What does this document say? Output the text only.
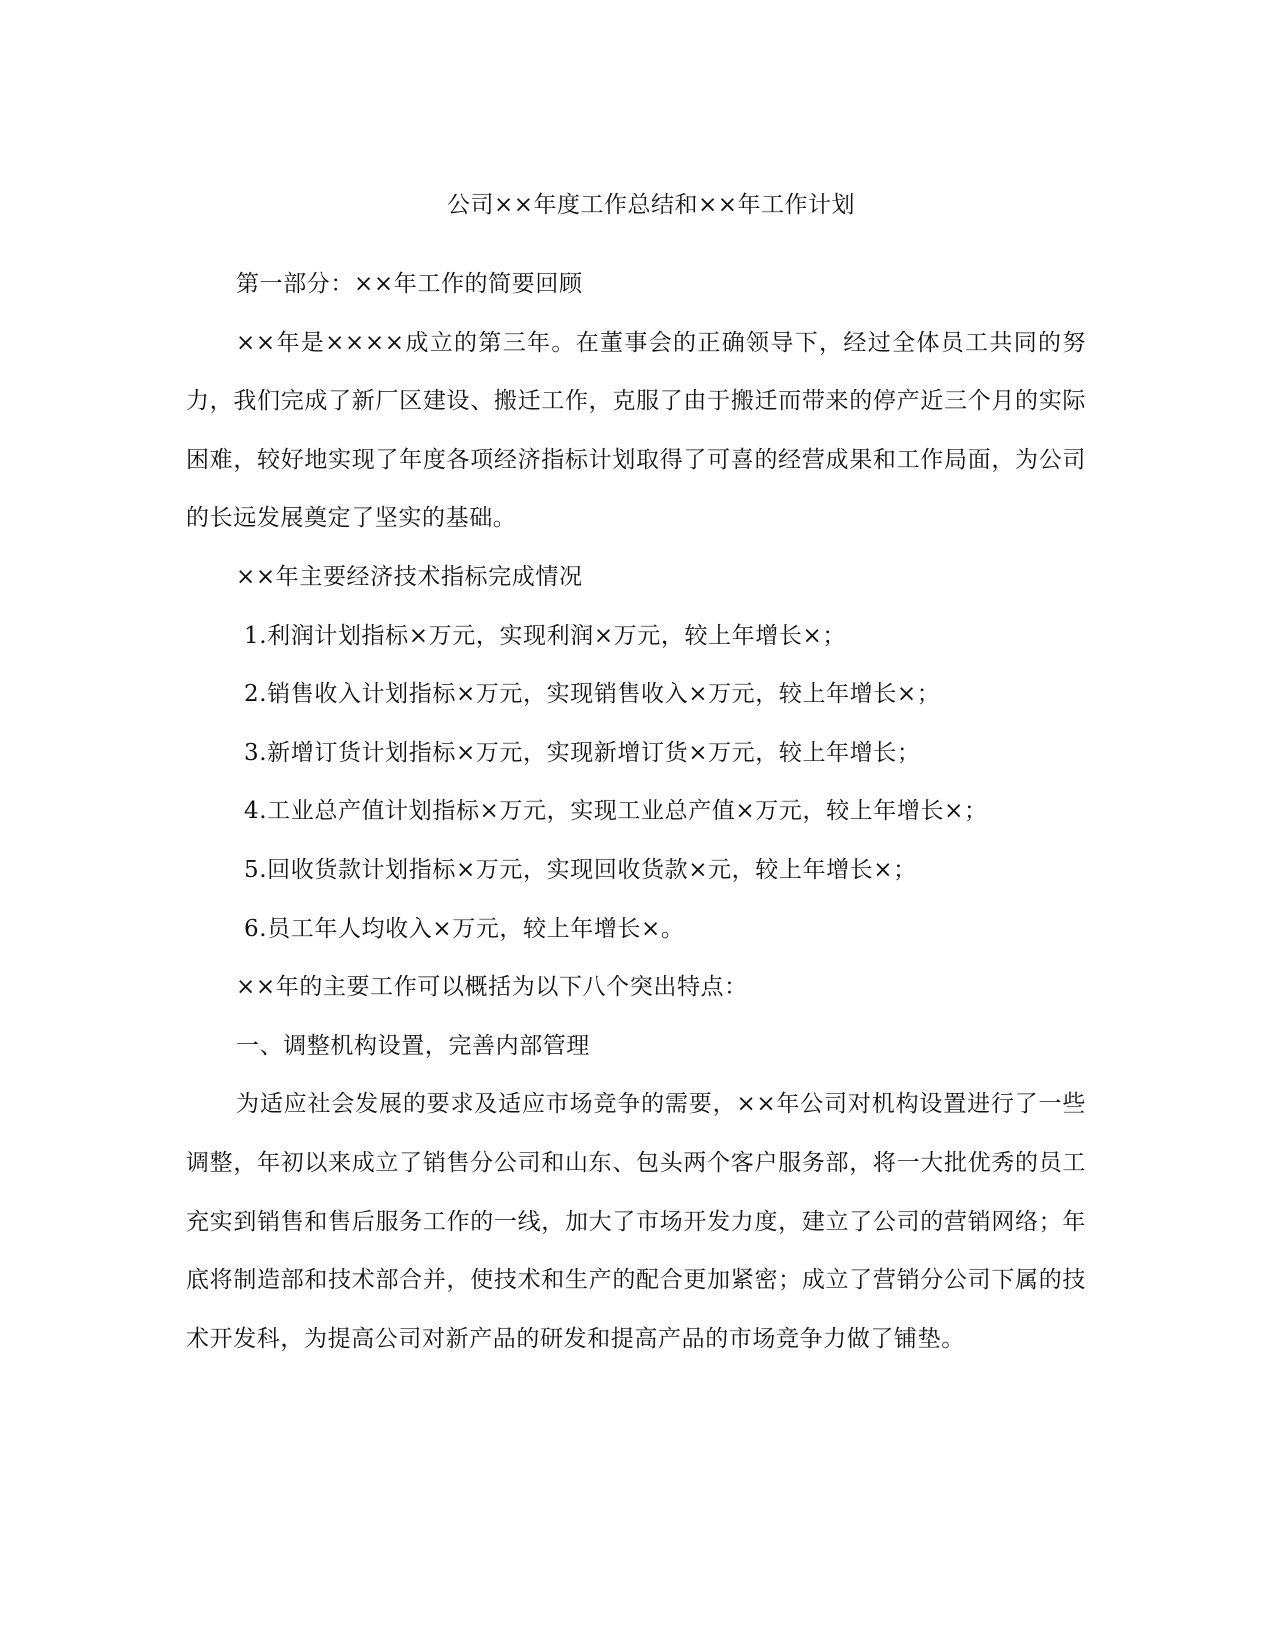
公司××年度工作总结和××年工作计划

第一部分：××年工作的简要回顾

××年是××××成立的第三年。在董事会的正确领导下，经过全体员工共同的努力，我们完成了新厂区建设、搬迁工作，克服了由于搬迁而带来的停产近三个月的实际困难，较好地实现了年度各项经济指标计划取得了可喜的经营成果和工作局面，为公司的长远发展奠定了坚实的基础。

××年主要经济技术指标完成情况

1.利润计划指标×万元，实现利润×万元，较上年增长×；

2.销售收入计划指标×万元，实现销售收入×万元，较上年增长×；

3.新增订货计划指标×万元，实现新增订货×万元，较上年增长；

4.工业总产值计划指标×万元，实现工业总产值×万元，较上年增长×；

5.回收货款计划指标×万元，实现回收货款×元，较上年增长×；

6.员工年人均收入×万元，较上年增长×。

××年的主要工作可以概括为以下八个突出特点：

一、调整机构设置，完善内部管理

为适应社会发展的要求及适应市场竞争的需要，××年公司对机构设置进行了一些调整，年初以来成立了销售分公司和山东、包头两个客户服务部，将一大批优秀的员工充实到销售和售后服务工作的一线，加大了市场开发力度，建立了公司的营销网络；年底将制造部和技术部合并，使技术和生产的配合更加紧密；成立了营销分公司下属的技术开发科，为提高公司对新产品的研发和提高产品的市场竞争力做了铺垫。
